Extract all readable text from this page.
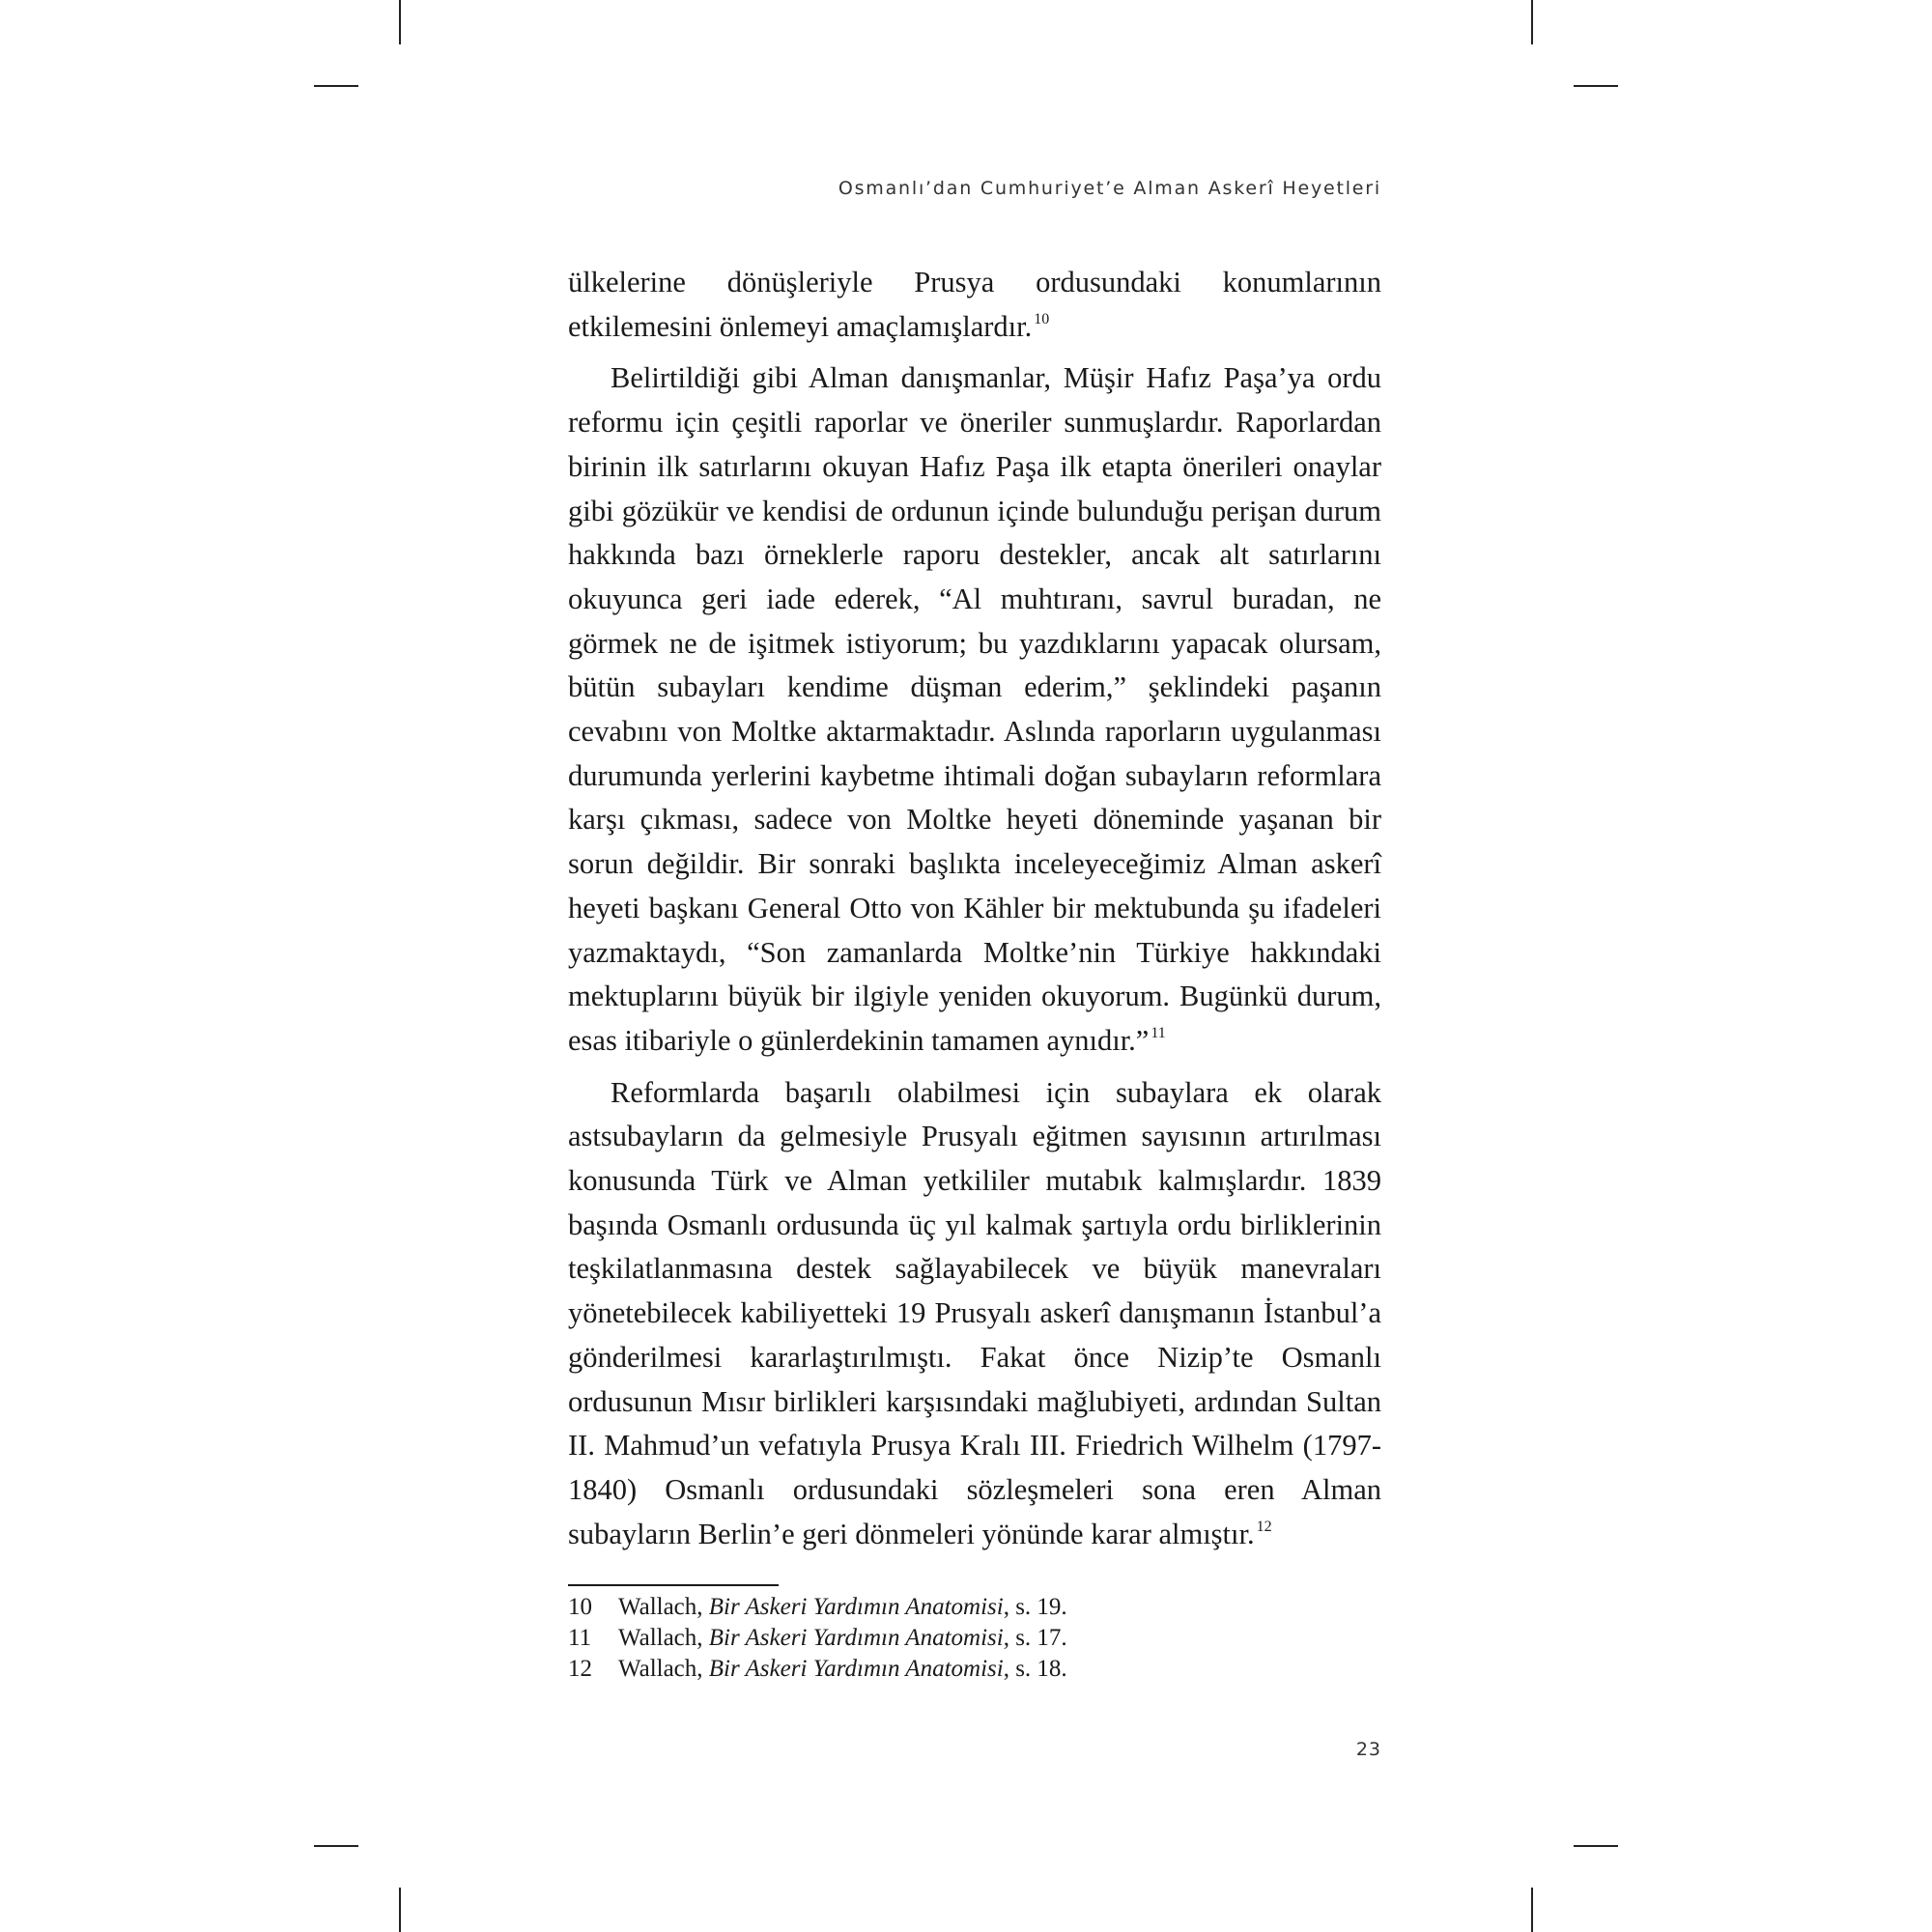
Osmanlı’dan Cumhuriyet’e Alman Askerî Heyetleri

ülkelerine dönüşleriyle Prusya ordusundaki konumlarının etkilemesini önlemeyi amaçlamışlardır. $^{10}$

Belirtildiği gibi Alman danışmanlar, Müşir Hafız Paşa’ya ordu reformu için çeşitli raporlar ve öneriler sunmuşlardır. Raporlardan birinin ilk satırlarını okuyan Hafız Paşa ilk etapta önerileri onaylar gibi gözükür ve kendisi de ordunun içinde bulunduğu perişan durum hakkında bazı örneklerle raporu destekler, ancak alt satırlarını okuyunca geri iade ederek, “Al muhtıranı, savrul buradan, ne görmek ne de işitmek istiyorum; bu yazdıklarını yapacak olursam, bütün subayları kendime düşman ederim,” şeklindeki paşanın cevabını von Moltke aktarmaktadır. Aslında raporların uygulanması durumunda yerlerini kaybetme ihtimali doğan subayların reformlara karşı çıkması, sadece von Moltke heyeti döneminde yaşanan bir sorun değildir. Bir sonraki başlıkta inceleyeceğimiz Alman askerî heyeti başkanı General Otto von Kähler bir mektubunda şu ifadeleri yazmaktaydı, “Son zamanlarda Moltke’nin Türkiye hakkındaki mektuplarını büyük bir ilgiyle yeniden okuyorum. Bugünkü durum, esas itibariyle o günlerdekinin tamamen aynıdır.” $^{11}$

Reformlarda başarılı olabilmesi için subaylara ek olarak astsubayların da gelmesiyle Prusyalı eğitmen sayısının artırılması konusunda Türk ve Alman yetkililer mutabık kalmışlardır. 1839 başında Osmanlı ordusunda üç yıl kalmak şartıyla ordu birliklerinin teşkilatlanmasına destek sağlayabilecek ve büyük manevraları yönetebilecek kabiliyetteki 19 Prusyalı askerî danışmanın İstanbul’a gönderilmesi kararlaştırılmıştı. Fakat önce Nizip’te Osmanlı ordusunun Mısır birlikleri karşısındaki mağlubiyeti, ardından Sultan II. Mahmud’un vefatıyla Prusya Kralı III. Friedrich Wilhelm (1797-1840) Osmanlı ordusundaki sözleşmeleri sona eren Alman subayların Berlin’e geri dönmeleri yönünde karar almıştır. $^{12}$

10 Wallach, Bir Askeri Yardımın Anatomisi, s. 19.
11 Wallach, Bir Askeri Yardımın Anatomisi, s. 17.
12 Wallach, Bir Askeri Yardımın Anatomisi, s. 18.
23
